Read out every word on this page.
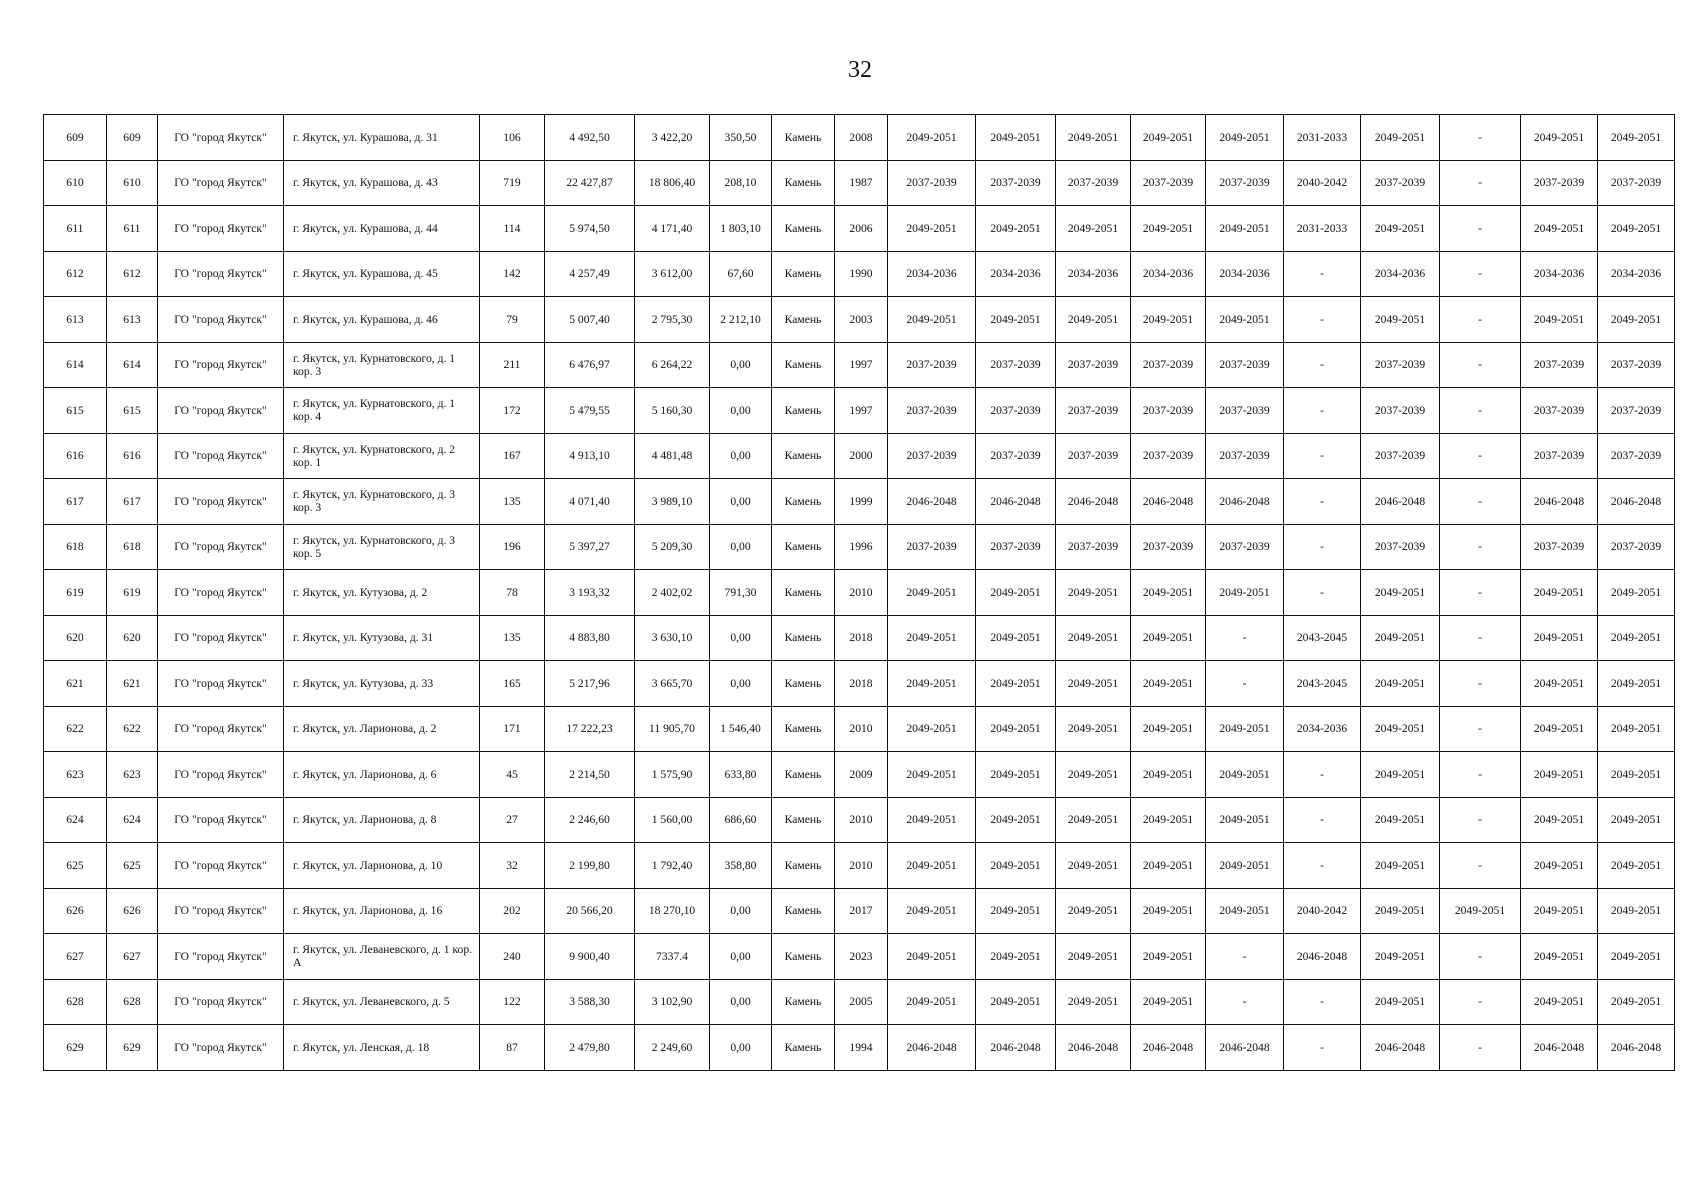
32
609	609	ГО "город Якутск"	г. Якутск, ул. Курашова, д. 31	106	4 492,50	3 422,20	350,50	Камень	2008	2049-2051	2049-2051	2049-2051	2049-2051	2049-2051	2031-2033	2049-2051	-	2049-2051	2049-2051
610	610	ГО "город Якутск"	г. Якутск, ул. Курашова, д. 43	719	22 427,87	18 806,40	208,10	Камень	1987	2037-2039	2037-2039	2037-2039	2037-2039	2037-2039	2040-2042	2037-2039	-	2037-2039	2037-2039
611	611	ГО "город Якутск"	г. Якутск, ул. Курашова, д. 44	114	5 974,50	4 171,40	1 803,10	Камень	2006	2049-2051	2049-2051	2049-2051	2049-2051	2049-2051	2031-2033	2049-2051	-	2049-2051	2049-2051
612	612	ГО "город Якутск"	г. Якутск, ул. Курашова, д. 45	142	4 257,49	3 612,00	67,60	Камень	1990	2034-2036	2034-2036	2034-2036	2034-2036	2034-2036	-	2034-2036	-	2034-2036	2034-2036
613	613	ГО "город Якутск"	г. Якутск, ул. Курашова, д. 46	79	5 007,40	2 795,30	2 212,10	Камень	2003	2049-2051	2049-2051	2049-2051	2049-2051	2049-2051	-	2049-2051	-	2049-2051	2049-2051
614	614	ГО "город Якутск"	г. Якутск, ул. Курнатовского, д. 1 кор. 3	211	6 476,97	6 264,22	0,00	Камень	1997	2037-2039	2037-2039	2037-2039	2037-2039	2037-2039	-	2037-2039	-	2037-2039	2037-2039
615	615	ГО "город Якутск"	г. Якутск, ул. Курнатовского, д. 1 кор. 4	172	5 479,55	5 160,30	0,00	Камень	1997	2037-2039	2037-2039	2037-2039	2037-2039	2037-2039	-	2037-2039	-	2037-2039	2037-2039
616	616	ГО "город Якутск"	г. Якутск, ул. Курнатовского, д. 2 кор. 1	167	4 913,10	4 481,48	0,00	Камень	2000	2037-2039	2037-2039	2037-2039	2037-2039	2037-2039	-	2037-2039	-	2037-2039	2037-2039
617	617	ГО "город Якутск"	г. Якутск, ул. Курнатовского, д. 3 кор. 3	135	4 071,40	3 989,10	0,00	Камень	1999	2046-2048	2046-2048	2046-2048	2046-2048	2046-2048	-	2046-2048	-	2046-2048	2046-2048
618	618	ГО "город Якутск"	г. Якутск, ул. Курнатовского, д. 3 кор. 5	196	5 397,27	5 209,30	0,00	Камень	1996	2037-2039	2037-2039	2037-2039	2037-2039	2037-2039	-	2037-2039	-	2037-2039	2037-2039
619	619	ГО "город Якутск"	г. Якутск, ул. Кутузова, д. 2	78	3 193,32	2 402,02	791,30	Камень	2010	2049-2051	2049-2051	2049-2051	2049-2051	2049-2051	-	2049-2051	-	2049-2051	2049-2051
620	620	ГО "город Якутск"	г. Якутск, ул. Кутузова, д. 31	135	4 883,80	3 630,10	0,00	Камень	2018	2049-2051	2049-2051	2049-2051	2049-2051	-	2043-2045	2049-2051	-	2049-2051	2049-2051
621	621	ГО "город Якутск"	г. Якутск, ул. Кутузова, д. 33	165	5 217,96	3 665,70	0,00	Камень	2018	2049-2051	2049-2051	2049-2051	2049-2051	-	2043-2045	2049-2051	-	2049-2051	2049-2051
622	622	ГО "город Якутск"	г. Якутск, ул. Ларионова, д. 2	171	17 222,23	11 905,70	1 546,40	Камень	2010	2049-2051	2049-2051	2049-2051	2049-2051	2049-2051	2034-2036	2049-2051	-	2049-2051	2049-2051
623	623	ГО "город Якутск"	г. Якутск, ул. Ларионова, д. 6	45	2 214,50	1 575,90	633,80	Камень	2009	2049-2051	2049-2051	2049-2051	2049-2051	2049-2051	-	2049-2051	-	2049-2051	2049-2051
624	624	ГО "город Якутск"	г. Якутск, ул. Ларионова, д. 8	27	2 246,60	1 560,00	686,60	Камень	2010	2049-2051	2049-2051	2049-2051	2049-2051	2049-2051	-	2049-2051	-	2049-2051	2049-2051
625	625	ГО "город Якутск"	г. Якутск, ул. Ларионова, д. 10	32	2 199,80	1 792,40	358,80	Камень	2010	2049-2051	2049-2051	2049-2051	2049-2051	2049-2051	-	2049-2051	-	2049-2051	2049-2051
626	626	ГО "город Якутск"	г. Якутск, ул. Ларионова, д. 16	202	20 566,20	18 270,10	0,00	Камень	2017	2049-2051	2049-2051	2049-2051	2049-2051	2049-2051	2040-2042	2049-2051	2049-2051	2049-2051	2049-2051
627	627	ГО "город Якутск"	г. Якутск, ул. Леваневского, д. 1 кор. А	240	9 900,40	7337.4	0,00	Камень	2023	2049-2051	2049-2051	2049-2051	2049-2051	-	2046-2048	2049-2051	-	2049-2051	2049-2051
628	628	ГО "город Якутск"	г. Якутск, ул. Леваневского, д. 5	122	3 588,30	3 102,90	0,00	Камень	2005	2049-2051	2049-2051	2049-2051	2049-2051	-	-	2049-2051	-	2049-2051	2049-2051
629	629	ГО "город Якутск"	г. Якутск, ул. Ленская, д. 18	87	2 479,80	2 249,60	0,00	Камень	1994	2046-2048	2046-2048	2046-2048	2046-2048	2046-2048	-	2046-2048	-	2046-2048	2046-2048
